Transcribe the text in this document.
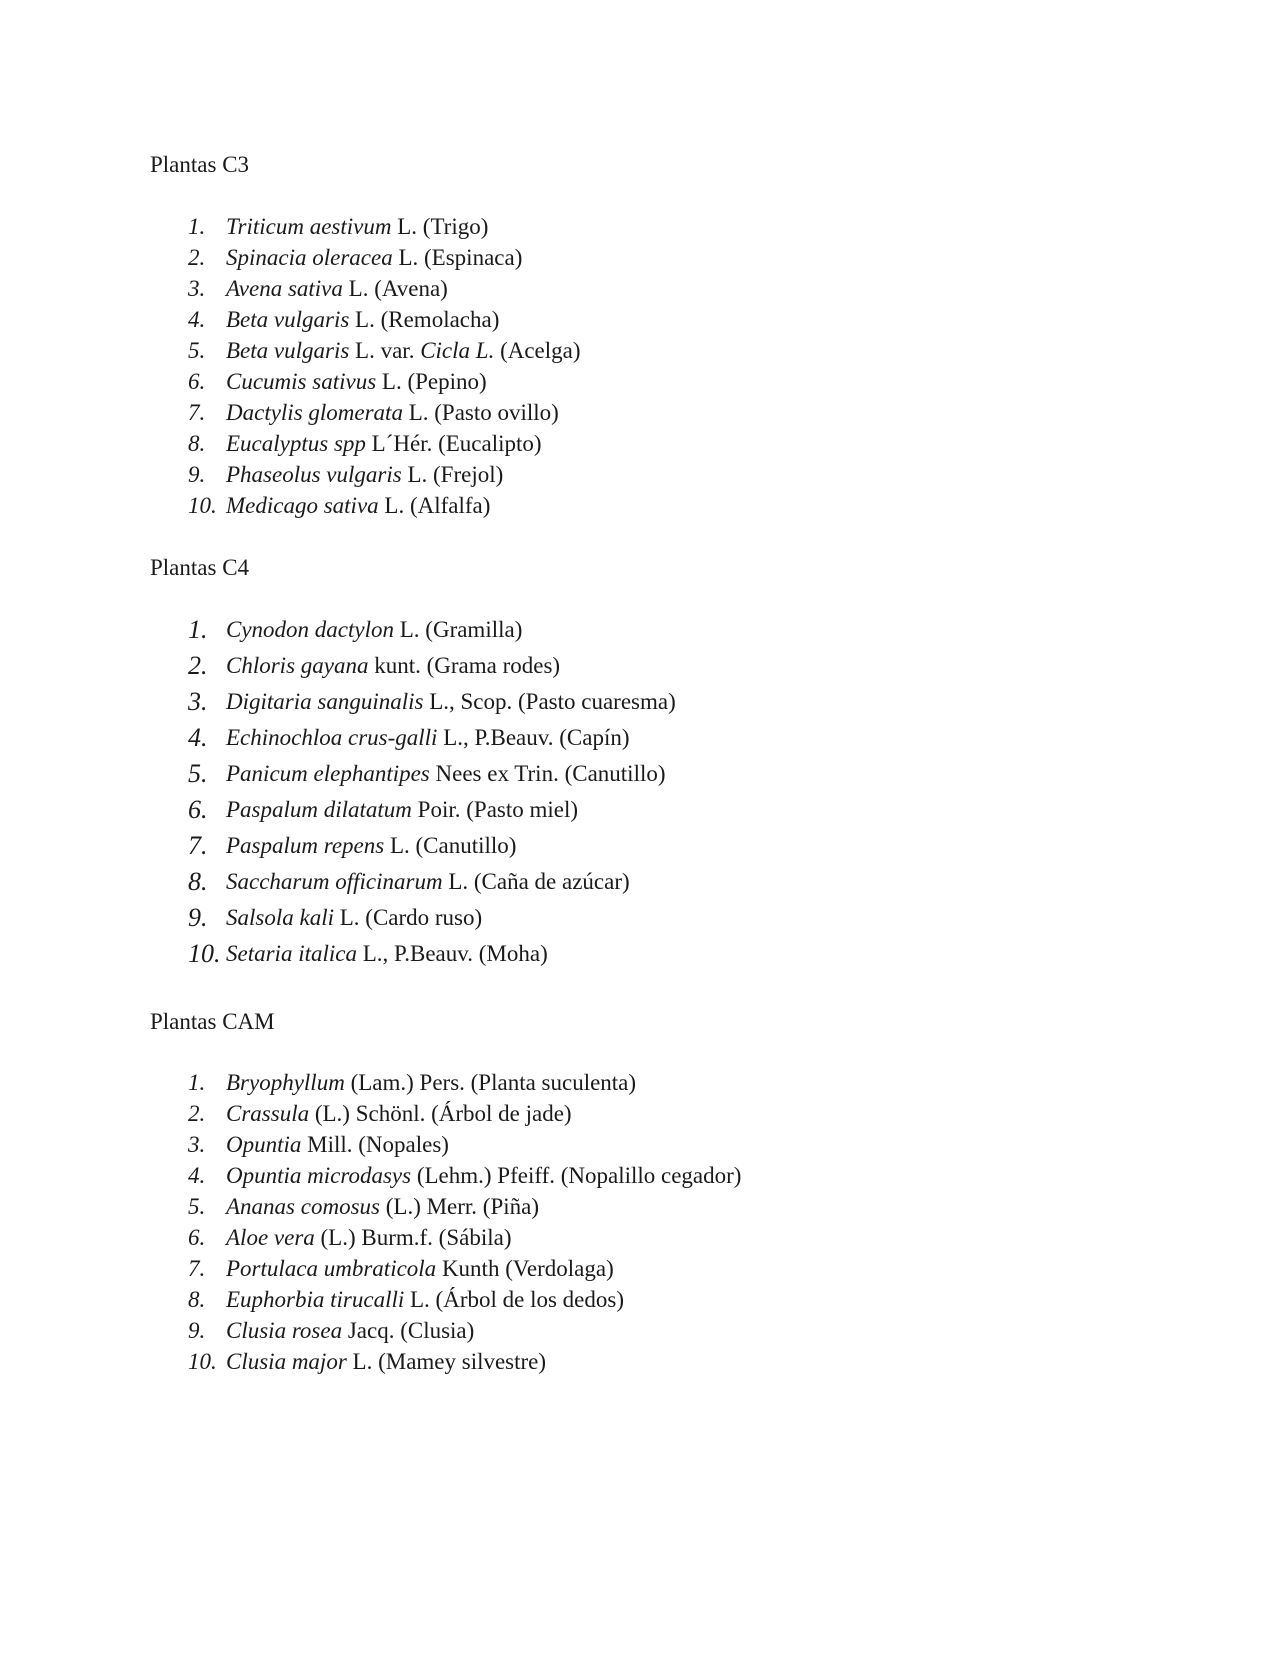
Plantas C3
1. Triticum aestivum L. (Trigo)
2. Spinacia oleracea L. (Espinaca)
3. Avena sativa L. (Avena)
4. Beta vulgaris L. (Remolacha)
5. Beta vulgaris L. var. Cicla L. (Acelga)
6. Cucumis sativus L. (Pepino)
7. Dactylis glomerata L. (Pasto ovillo)
8. Eucalyptus spp L´Hér. (Eucalipto)
9. Phaseolus vulgaris L. (Frejol)
10. Medicago sativa L. (Alfalfa)
Plantas C4
1. Cynodon dactylon L. (Gramilla)
2. Chloris gayana kunt. (Grama rodes)
3. Digitaria sanguinalis L., Scop. (Pasto cuaresma)
4. Echinochloa crus-galli L., P.Beauv. (Capín)
5. Panicum elephantipes Nees ex Trin. (Canutillo)
6. Paspalum dilatatum Poir. (Pasto miel)
7. Paspalum repens L. (Canutillo)
8. Saccharum officinarum L. (Caña de azúcar)
9. Salsola kali L. (Cardo ruso)
10. Setaria italica L., P.Beauv. (Moha)
Plantas CAM
1. Bryophyllum (Lam.) Pers. (Planta suculenta)
2. Crassula (L.) Schönl. (Árbol de jade)
3. Opuntia Mill. (Nopales)
4. Opuntia microdasys (Lehm.) Pfeiff. (Nopalillo cegador)
5. Ananas comosus (L.) Merr. (Piña)
6. Aloe vera (L.) Burm.f. (Sábila)
7. Portulaca umbraticola Kunth (Verdolaga)
8. Euphorbia tirucalli L. (Árbol de los dedos)
9. Clusia rosea Jacq. (Clusia)
10. Clusia major L. (Mamey silvestre)
